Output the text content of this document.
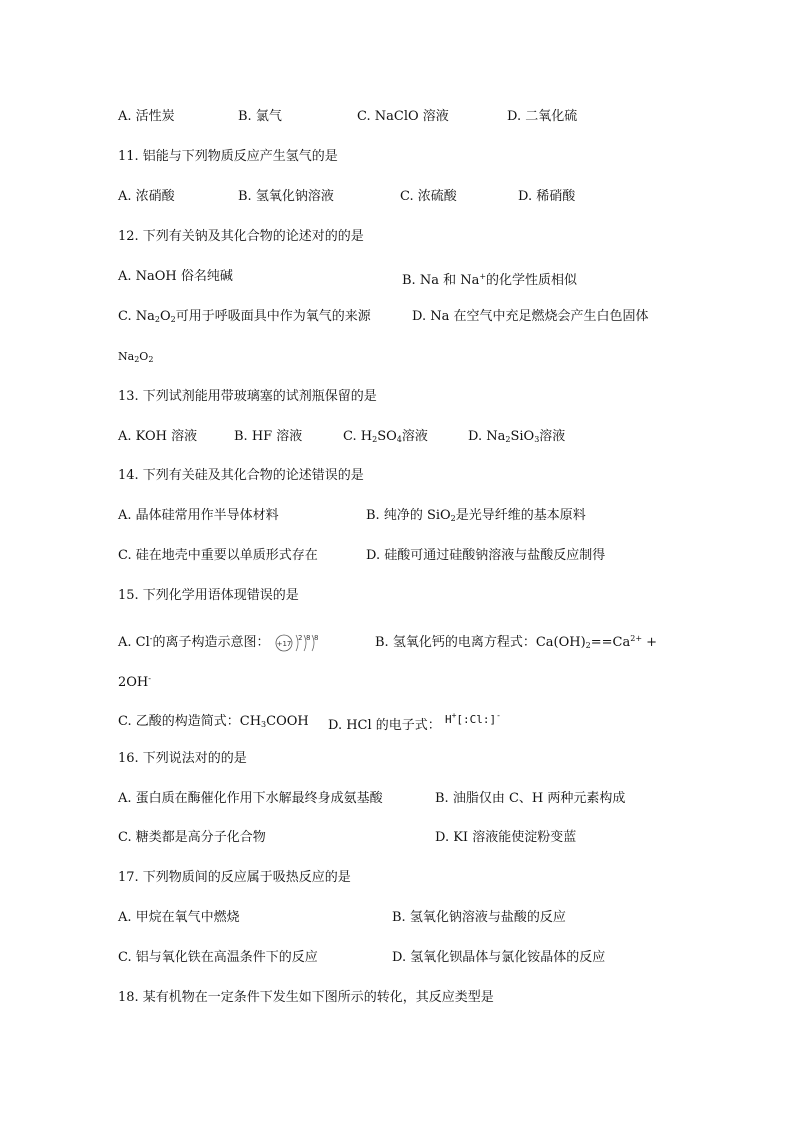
A. 活性炭	B. 氯气	C. NaClO 溶液	D. 二氧化硫
11. 铝能与下列物质反应产生氢气的是
A. 浓硝酸	B. 氢氧化钠溶液	C. 浓硫酸	D. 稀硝酸
12. 下列有关钠及其化合物的论述对的的是
A. NaOH 俗名纯碱	B. Na 和 Na+的化学性质相似
C. $Na_2O_2$可用于呼吸面具中作为氧气的来源	D. Na 在空气中充足燃烧会产生白色固体
$Na_2O_2$
13. 下列试剂能用带玻璃塞的试剂瓶保留的是
A. KOH 溶液	B. HF 溶液	C. $H_2SO_4$溶液	D. $Na_2SiO_3$溶液
14. 下列有关硅及其化合物的论述错误的是
A. 晶体硅常用作半导体材料	B. 纯净的 SiO$_2$是光导纤维的基本原料
C. 硅在地壳中重要以单质形式存在	D. 硅酸可通过硅酸钠溶液与盐酸反应制得
15. 下列化学用语体现错误的是
A. Cl-的离子构造示意图： +17
2 8 8	B. 氢氧化钙的电离方程式：$Ca(OH)_2==Ca^{2+}$ +
2OH-
C. 乙酸的构造简式：$CH_3COOH$ D. HCl 的电子式： H+[:Cl:]-
16. 下列说法对的的是
A. 蛋白质在酶催化作用下水解最终身成氨基酸	B. 油脂仅由 C、H 两种元素构成
C. 糖类都是高分子化合物	D. KI 溶液能使淀粉变蓝
17. 下列物质间的反应属于吸热反应的是
A. 甲烷在氧气中燃烧	B. 氢氧化钠溶液与盐酸的反应
C. 铝与氧化铁在高温条件下的反应	D. 氢氧化钡晶体与氯化铵晶体的反应
18. 某有机物在一定条件下发生如下图所示的转化，其反应类型是
